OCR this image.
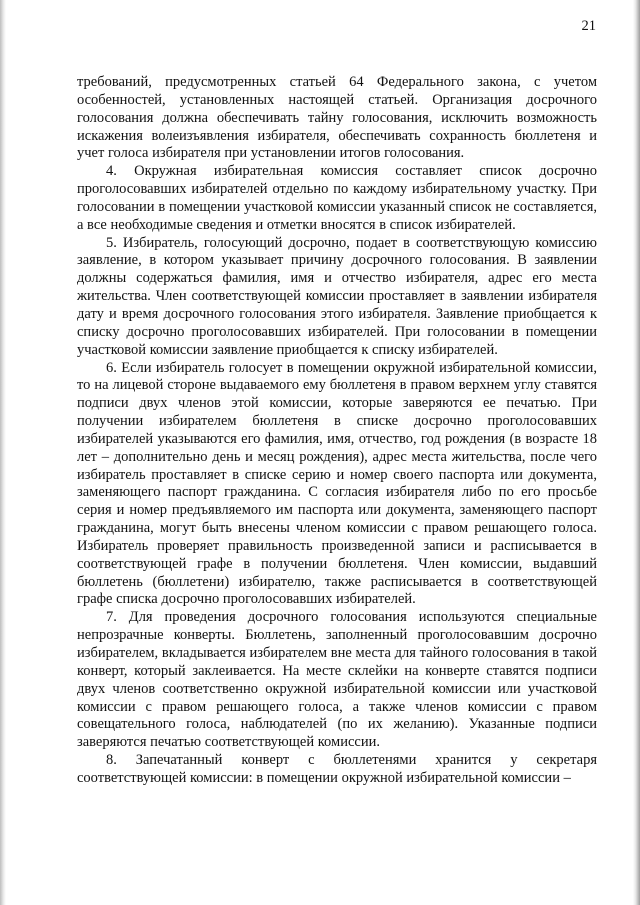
21

требований, предусмотренных статьей 64 Федерального закона, с учетом особенностей, установленных настоящей статьей. Организация досрочного голосования должна обеспечивать тайну голосования, исключить возможность искажения волеизъявления избирателя, обеспечивать сохранность бюллетеня и учет голоса избирателя при установлении итогов голосования.

4. Окружная избирательная комиссия составляет список досрочно проголосовавших избирателей отдельно по каждому избирательному участку. При голосовании в помещении участковой комиссии указанный список не составляется, а все необходимые сведения и отметки вносятся в список избирателей.

5. Избиратель, голосующий досрочно, подает в соответствующую комиссию заявление, в котором указывает причину досрочного голосования. В заявлении должны содержаться фамилия, имя и отчество избирателя, адрес его места жительства. Член соответствующей комиссии проставляет в заявлении избирателя дату и время досрочного голосования этого избирателя. Заявление приобщается к списку досрочно проголосовавших избирателей. При голосовании в помещении участковой комиссии заявление приобщается к списку избирателей.

6. Если избиратель голосует в помещении окружной избирательной комиссии, то на лицевой стороне выдаваемого ему бюллетеня в правом верхнем углу ставятся подписи двух членов этой комиссии, которые заверяются ее печатью. При получении избирателем бюллетеня в списке досрочно проголосовавших избирателей указываются его фамилия, имя, отчество, год рождения (в возрасте 18 лет – дополнительно день и месяц рождения), адрес места жительства, после чего избиратель проставляет в списке серию и номер своего паспорта или документа, заменяющего паспорт гражданина. С согласия избирателя либо по его просьбе серия и номер предъявляемого им паспорта или документа, заменяющего паспорт гражданина, могут быть внесены членом комиссии с правом решающего голоса. Избиратель проверяет правильность произведенной записи и расписывается в соответствующей графе в получении бюллетеня. Член комиссии, выдавший бюллетень (бюллетени) избирателю, также расписывается в соответствующей графе списка досрочно проголосовавших избирателей.

7. Для проведения досрочного голосования используются специальные непрозрачные конверты. Бюллетень, заполненный проголосовавшим досрочно избирателем, вкладывается избирателем вне места для тайного голосования в такой конверт, который заклеивается. На месте склейки на конверте ставятся подписи двух членов соответственно окружной избирательной комиссии или участковой комиссии с правом решающего голоса, а также членов комиссии с правом совещательного голоса, наблюдателей (по их желанию). Указанные подписи заверяются печатью соответствующей комиссии.

8. Запечатанный конверт с бюллетенями хранится у секретаря соответствующей комиссии: в помещении окружной избирательной комиссии –
